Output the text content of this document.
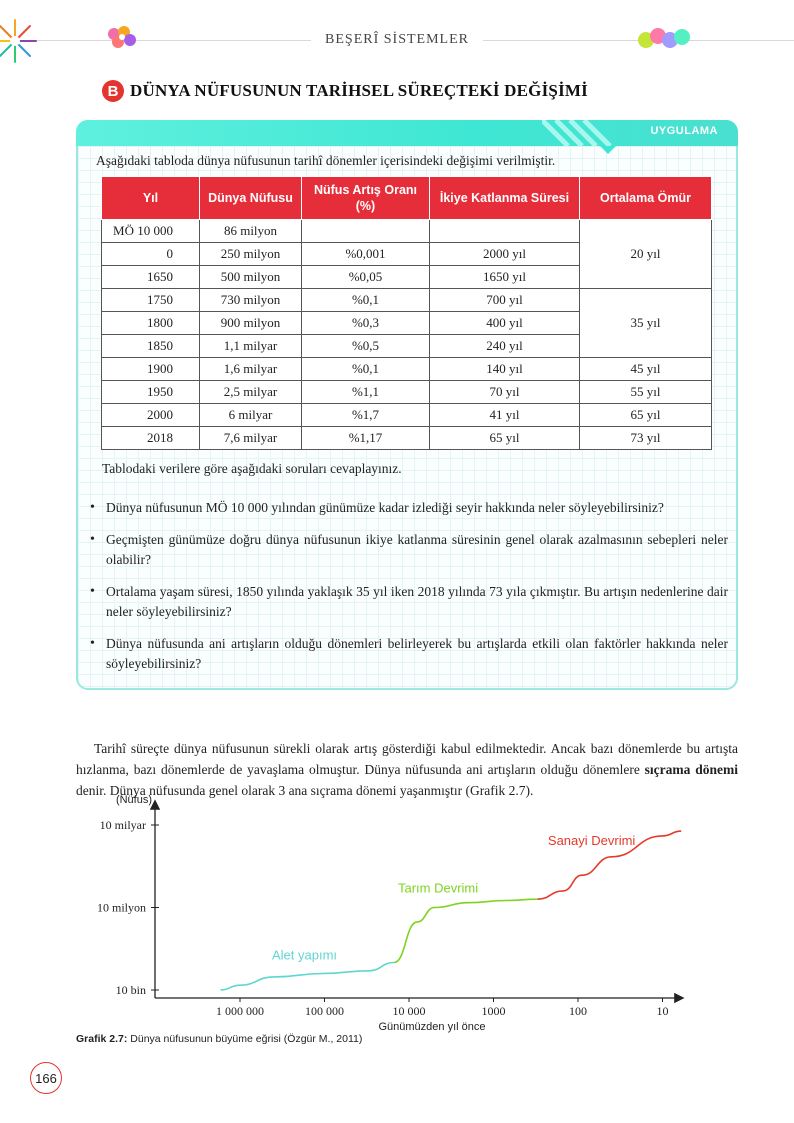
BEŞERÎ SİSTEMLER
B DÜNYA NÜFUSUNUN TARİHSEL SÜREÇTEKİ DEĞİŞİMİ
UYGULAMA
Aşağıdaki tabloda dünya nüfusunun tarihî dönemler içerisindeki değişimi verilmiştir.
Yıl	Dünya Nüfusu	Nüfus Artış Oranı (%)	İkiye Katlanma Süresi	Ortalama Ömür
MÖ 10 000	86 milyon			20 yıl
0	250 milyon	%0,001	2000 yıl	
1650	500 milyon	%0,05	1650 yıl	
1750	730 milyon	%0,1	700 yıl	35 yıl
1800	900 milyon	%0,3	400 yıl	
1850	1,1 milyar	%0,5	240 yıl	
1900	1,6 milyar	%0,1	140 yıl	45 yıl
1950	2,5 milyar	%1,1	70 yıl	55 yıl
2000	6 milyar	%1,7	41 yıl	65 yıl
2018	7,6 milyar	%1,17	65 yıl	73 yıl
Tablodaki verilere göre aşağıdaki soruları cevaplayınız.
• Dünya nüfusunun MÖ 10 000 yılından günümüze kadar izlediği seyir hakkında neler söyleyebilirsiniz?
• Geçmişten günümüze doğru dünya nüfusunun ikiye katlanma süresinin genel olarak azalmasının sebepleri neler olabilir?
• Ortalama yaşam süresi, 1850 yılında yaklaşık 35 yıl iken 2018 yılında 73 yıla çıkmıştır. Bu artışın nedenlerine dair neler söyleyebilirsiniz?
• Dünya nüfusunda ani artışların olduğu dönemleri belirleyerek bu artışlarda etkili olan faktörler hakkında neler söyleyebilirsiniz?

Tarihî süreçte dünya nüfusunun sürekli olarak artış gösterdiği kabul edilmektedir. Ancak bazı dönemlerde bu artışta hızlanma, bazı dönemlerde de yavaşlama olmuştur. Dünya nüfusunda ani artışların olduğu dönemlere sıçrama dönemi denir. Dünya nüfusunda genel olarak 3 ana sıçrama dönemi yaşanmıştır (Grafik 2.7).

(Nüfus)
Günümüzden yıl önce
1 000 000	100 000	10 000	1000	100	10
10 bin
10 milyon
10 milyar
Alet yapımı
Tarım Devrimi
Sanayi Devrimi
Grafik 2.7: Dünya nüfusunun büyüme eğrisi (Özgür M., 2011)
166
